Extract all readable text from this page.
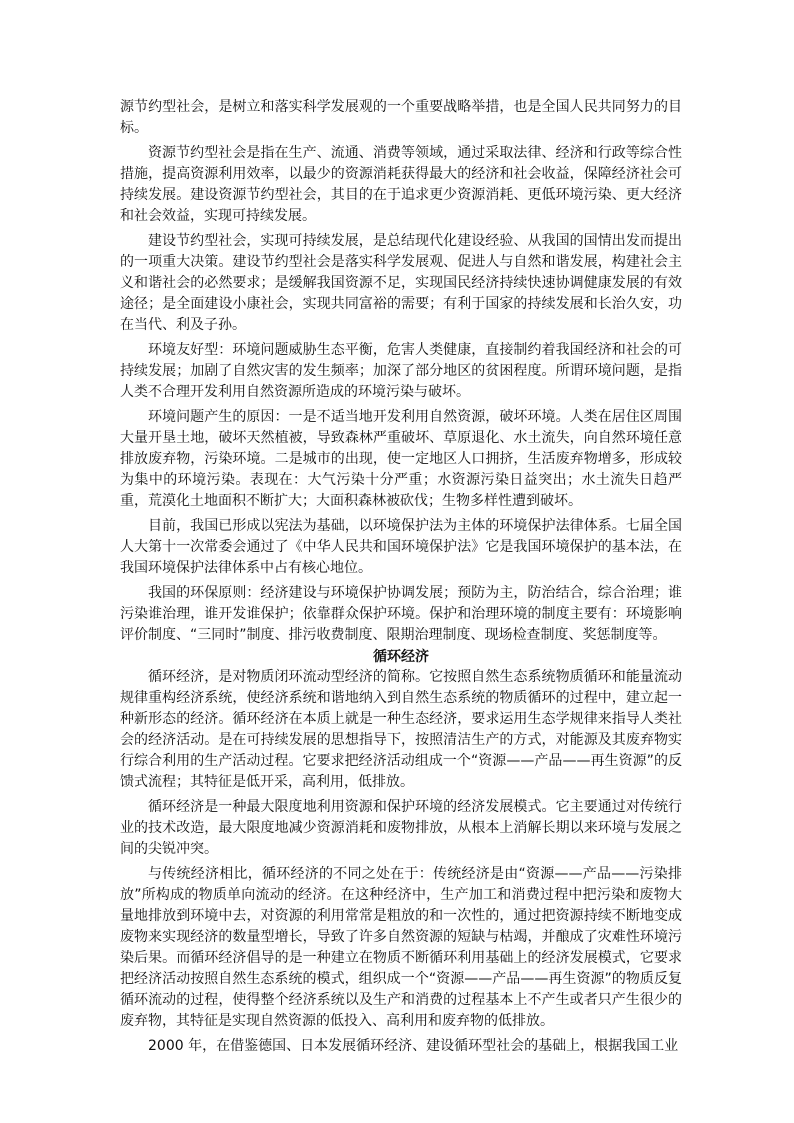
源节约型社会，是树立和落实科学发展观的一个重要战略举措，也是全国人民共同努力的目标。

资源节约型社会是指在生产、流通、消费等领域，通过采取法律、经济和行政等综合性措施，提高资源利用效率，以最少的资源消耗获得最大的经济和社会收益，保障经济社会可持续发展。建设资源节约型社会，其目的在于追求更少资源消耗、更低环境污染、更大经济和社会效益，实现可持续发展。

建设节约型社会，实现可持续发展，是总结现代化建设经验、从我国的国情出发而提出的一项重大决策。建设节约型社会是落实科学发展观、促进人与自然和谐发展，构建社会主义和谐社会的必然要求；是缓解我国资源不足，实现国民经济持续快速协调健康发展的有效途径；是全面建设小康社会，实现共同富裕的需要；有利于国家的持续发展和长治久安，功在当代、利及子孙。

环境友好型：环境问题威胁生态平衡，危害人类健康，直接制约着我国经济和社会的可持续发展；加剧了自然灾害的发生频率；加深了部分地区的贫困程度。所谓环境问题，是指人类不合理开发利用自然资源所造成的环境污染与破坏。

环境问题产生的原因：一是不适当地开发利用自然资源，破坏环境。人类在居住区周围大量开垦土地，破坏天然植被，导致森林严重破坏、草原退化、水土流失，向自然环境任意排放废弃物，污染环境。二是城市的出现，使一定地区人口拥挤，生活废弃物增多，形成较为集中的环境污染。表现在：大气污染十分严重；水资源污染日益突出；水土流失日趋严重，荒漠化土地面积不断扩大；大面积森林被砍伐；生物多样性遭到破坏。

目前，我国已形成以宪法为基础，以环境保护法为主体的环境保护法律体系。七届全国人大第十一次常委会通过了《中华人民共和国环境保护法》它是我国环境保护的基本法，在我国环境保护法律体系中占有核心地位。

我国的环保原则：经济建设与环境保护协调发展；预防为主，防治结合，综合治理；谁污染谁治理，谁开发谁保护；依靠群众保护环境。保护和治理环境的制度主要有：环境影响评价制度、“三同时”制度、排污收费制度、限期治理制度、现场检查制度、奖惩制度等。

循环经济

循环经济，是对物质闭环流动型经济的简称。它按照自然生态系统物质循环和能量流动规律重构经济系统，使经济系统和谐地纳入到自然生态系统的物质循环的过程中，建立起一种新形态的经济。循环经济在本质上就是一种生态经济，要求运用生态学规律来指导人类社会的经济活动。是在可持续发展的思想指导下，按照清洁生产的方式，对能源及其废弃物实行综合利用的生产活动过程。它要求把经济活动组成一个“资源——产品——再生资源”的反馈式流程；其特征是低开采，高利用，低排放。

循环经济是一种最大限度地利用资源和保护环境的经济发展模式。它主要通过对传统行业的技术改造，最大限度地减少资源消耗和废物排放，从根本上消解长期以来环境与发展之间的尖锐冲突。

与传统经济相比，循环经济的不同之处在于：传统经济是由“资源——产品——污染排放”所构成的物质单向流动的经济。在这种经济中，生产加工和消费过程中把污染和废物大量地排放到环境中去，对资源的利用常常是粗放的和一次性的，通过把资源持续不断地变成废物来实现经济的数量型增长，导致了许多自然资源的短缺与枯竭，并酿成了灾难性环境污染后果。而循环经济倡导的是一种建立在物质不断循环利用基础上的经济发展模式，它要求把经济活动按照自然生态系统的模式，组织成一个“资源——产品——再生资源”的物质反复循环流动的过程，使得整个经济系统以及生产和消费的过程基本上不产生或者只产生很少的废弃物，其特征是实现自然资源的低投入、高利用和废弃物的低排放。

2000 年，在借鉴德国、日本发展循环经济、建设循环型社会的基础上，根据我国工业
